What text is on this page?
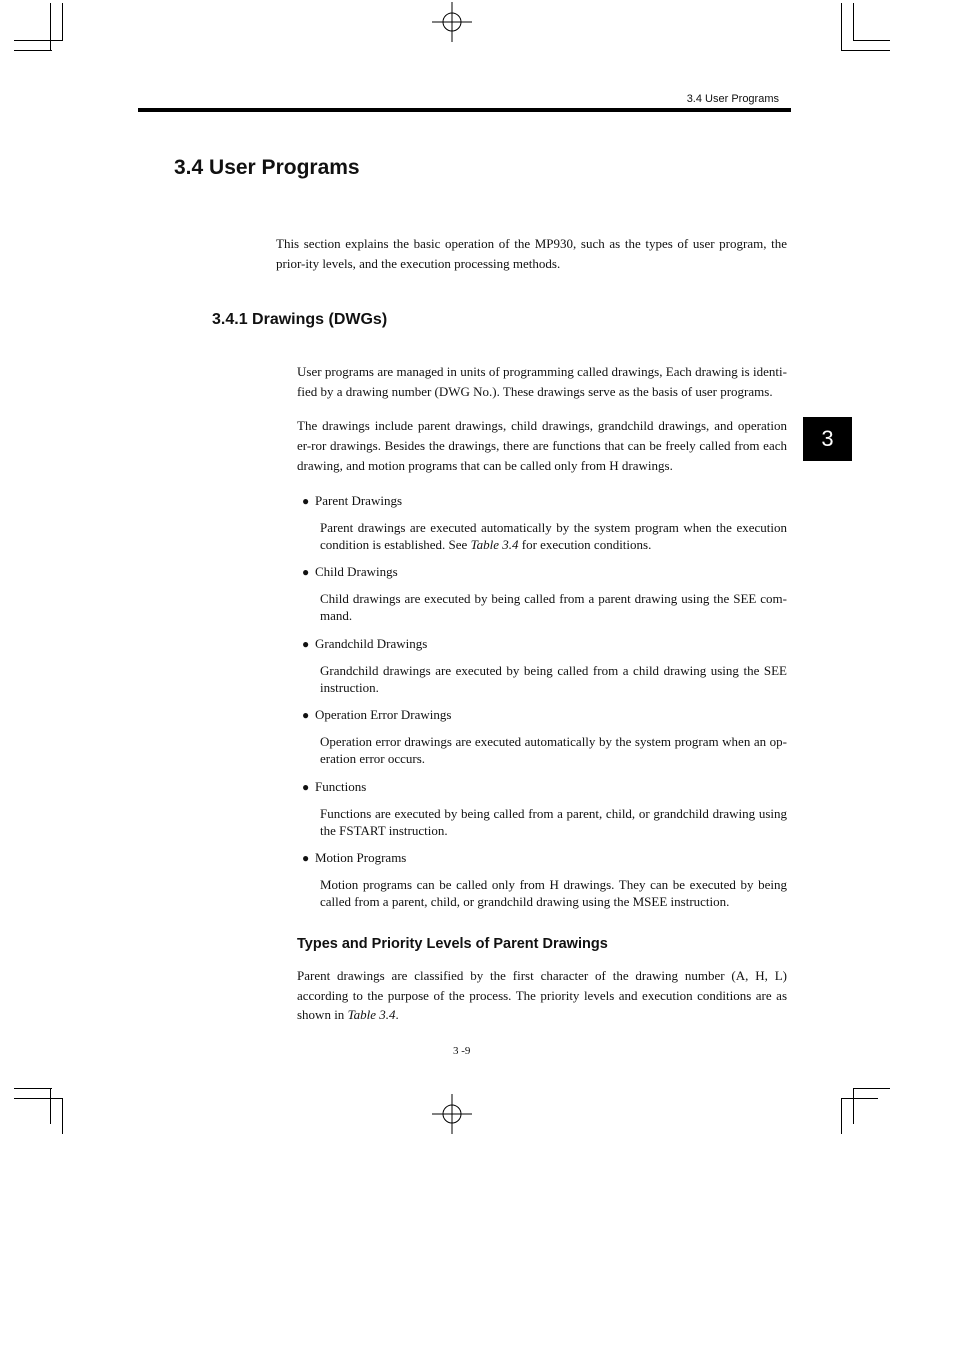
3.4 User Programs
3.4 User Programs

This section explains the basic operation of the MP930, such as the types of user program, the prior-ity levels, and the execution processing methods.

3.4.1 Drawings (DWGs)

User programs are managed in units of programming called drawings, Each drawing is identi-fied by a drawing number (DWG No.). These drawings serve as the basis of user programs.

The drawings include parent drawings, child drawings, grandchild drawings, and operation er-ror drawings. Besides the drawings, there are functions that can be freely called from each drawing, and motion programs that can be called only from H drawings.

3

● Parent Drawings

Parent drawings are executed automatically by the system program when the execution condition is established. See Table 3.4 for execution conditions.

● Child Drawings

Child drawings are executed by being called from a parent drawing using the SEE com-mand.

● Grandchild Drawings

Grandchild drawings are executed by being called from a child drawing using the SEE instruction.

● Operation Error Drawings

Operation error drawings are executed automatically by the system program when an op-eration error occurs.

● Functions

Functions are executed by being called from a parent, child, or grandchild drawing using the FSTART instruction.

● Motion Programs

Motion programs can be called only from H drawings. They can be executed by being called from a parent, child, or grandchild drawing using the MSEE instruction.

Types and Priority Levels of Parent Drawings

Parent drawings are classified by the first character of the drawing number (A, H, L) according to the purpose of the process. The priority levels and execution conditions are as shown in Table 3.4.

3 -9
